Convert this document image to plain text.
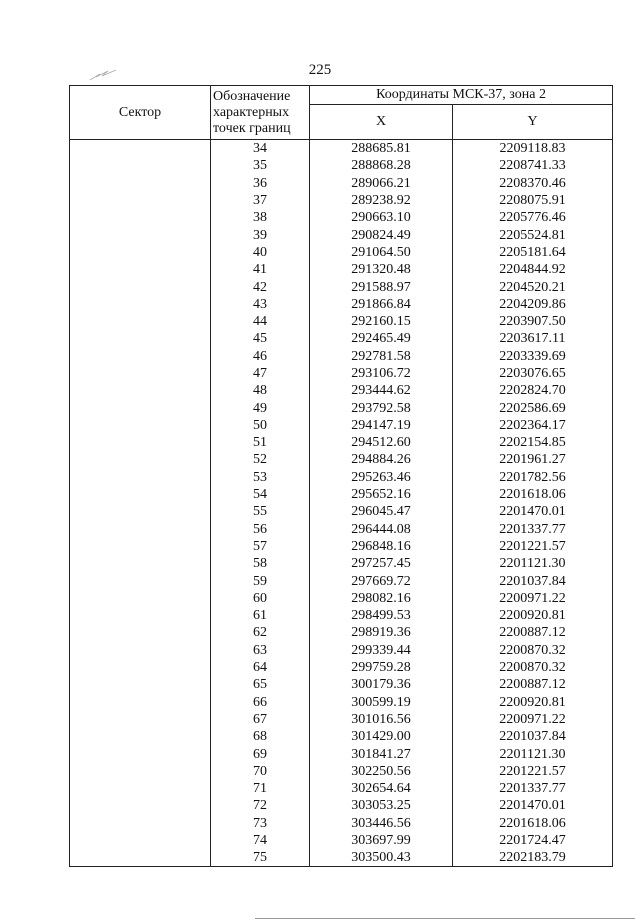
225
Сектор	Обозначение
характерных
точек границ	Координаты МСК-37, зона 2	
		X	Y
	34	288685.81	2209118.83
	35	288868.28	2208741.33
	36	289066.21	2208370.46
	37	289238.92	2208075.91
	38	290663.10	2205776.46
	39	290824.49	2205524.81
	40	291064.50	2205181.64
	41	291320.48	2204844.92
	42	291588.97	2204520.21
	43	291866.84	2204209.86
	44	292160.15	2203907.50
	45	292465.49	2203617.11
	46	292781.58	2203339.69
	47	293106.72	2203076.65
	48	293444.62	2202824.70
	49	293792.58	2202586.69
	50	294147.19	2202364.17
	51	294512.60	2202154.85
	52	294884.26	2201961.27
	53	295263.46	2201782.56
	54	295652.16	2201618.06
	55	296045.47	2201470.01
	56	296444.08	2201337.77
	57	296848.16	2201221.57
	58	297257.45	2201121.30
	59	297669.72	2201037.84
	60	298082.16	2200971.22
	61	298499.53	2200920.81
	62	298919.36	2200887.12
	63	299339.44	2200870.32
	64	299759.28	2200870.32
	65	300179.36	2200887.12
	66	300599.19	2200920.81
	67	301016.56	2200971.22
	68	301429.00	2201037.84
	69	301841.27	2201121.30
	70	302250.56	2201221.57
	71	302654.64	2201337.77
	72	303053.25	2201470.01
	73	303446.56	2201618.06
	74	303697.99	2201724.47
	75	303500.43	2202183.79
